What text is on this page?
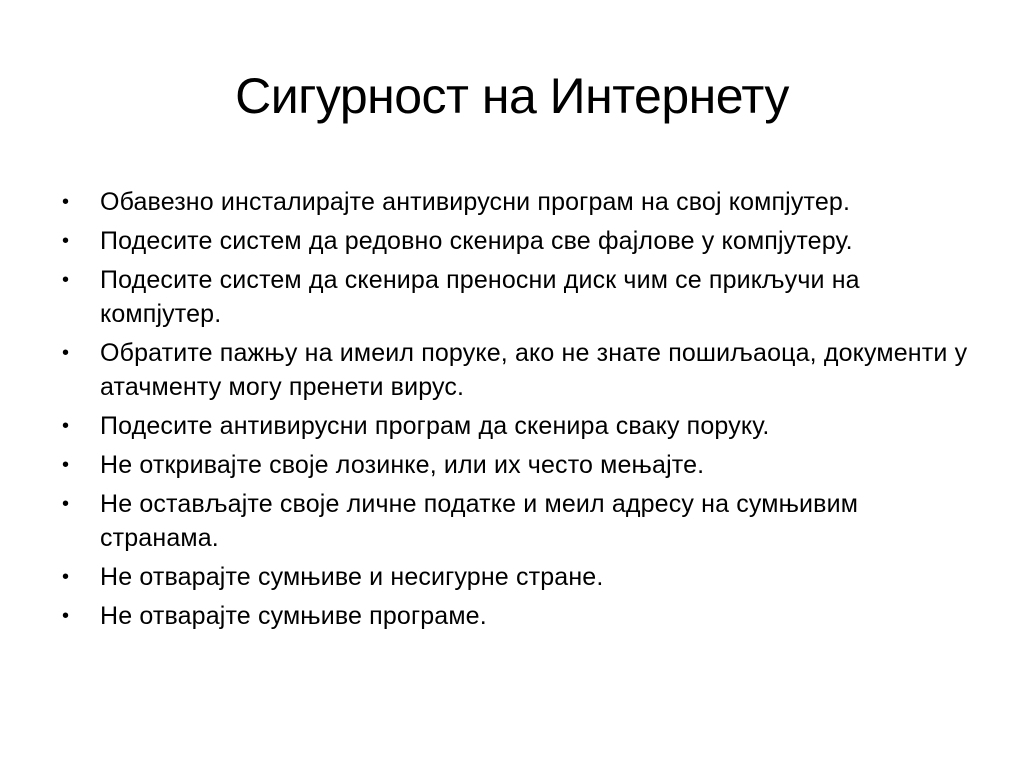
Сигурност на Интернету
•	Обавезно инсталирајте антивирусни програм на свој компјутер.
•	Подесите систем да редовно скенира све фајлове у компјутеру.
•	Подесите систем да скенира преносни диск чим се прикључи на компјутер.
•	Обратите пажњу на имеил поруке, ако не знате пошиљаоца, документи у атачменту могу пренети вирус.
•	Подесите антивирусни програм да скенира сваку поруку.
•	Не откривајте своје лозинке, или их често мењајте.
•	Не остављајте своје личне податке и меил адресу на сумњивим странама.
•	Не отварајте сумњиве и несигурне стране.
•	Не отварајте сумњиве програме.
